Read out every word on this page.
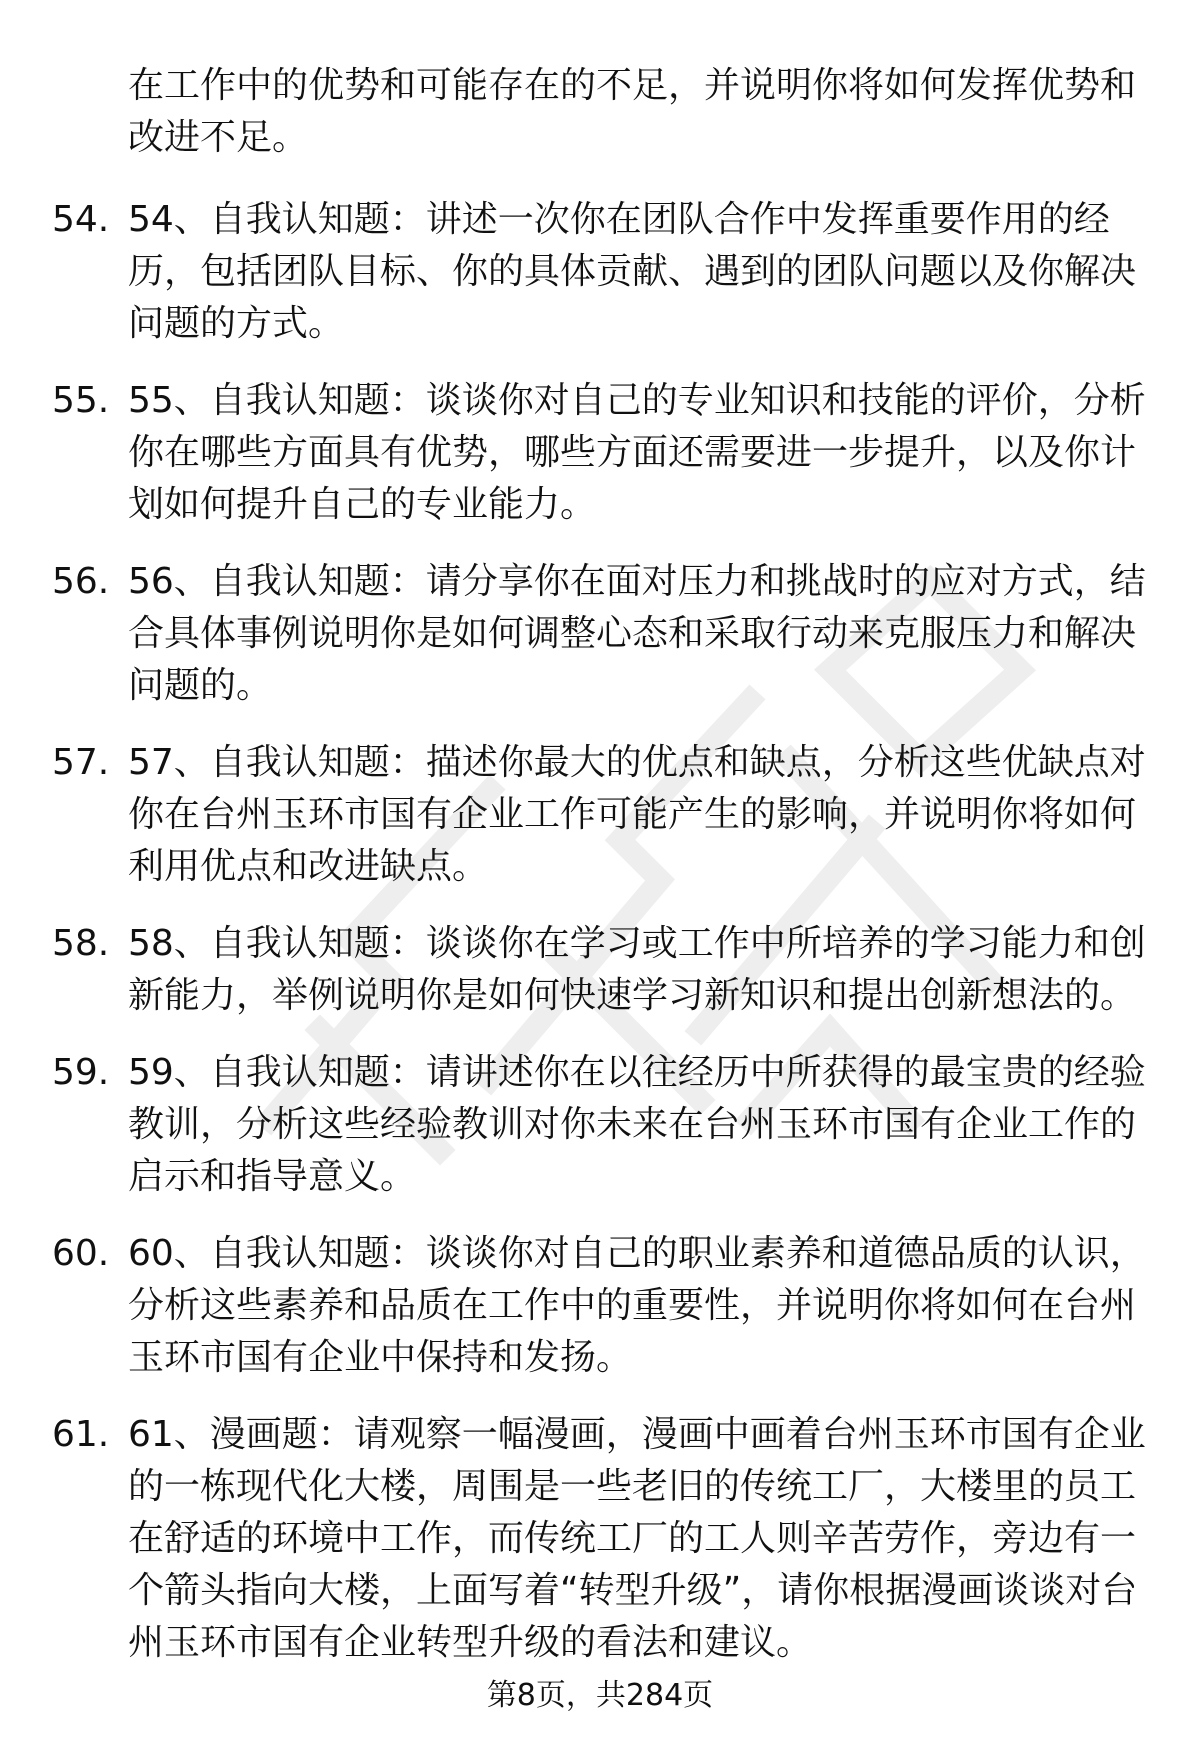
在工作中的优势和可能存在的不足，并说明你将如何发挥优势和改进不足。

54. 54、自我认知题：讲述一次你在团队合作中发挥重要作用的经历，包括团队目标、你的具体贡献、遇到的团队问题以及你解决问题的方式。
55. 55、自我认知题：谈谈你对自己的专业知识和技能的评价，分析你在哪些方面具有优势，哪些方面还需要进一步提升，以及你计划如何提升自己的专业能力。
56. 56、自我认知题：请分享你在面对压力和挑战时的应对方式，结合具体事例说明你是如何调整心态和采取行动来克服压力和解决问题的。
57. 57、自我认知题：描述你最大的优点和缺点，分析这些优缺点对你在台州玉环市国有企业工作可能产生的影响，并说明你将如何利用优点和改进缺点。
58. 58、自我认知题：谈谈你在学习或工作中所培养的学习能力和创新能力，举例说明你是如何快速学习新知识和提出创新想法的。
59. 59、自我认知题：请讲述你在以往经历中所获得的最宝贵的经验教训，分析这些经验教训对你未来在台州玉环市国有企业工作的启示和指导意义。
60. 60、自我认知题：谈谈你对自己的职业素养和道德品质的认识，分析这些素养和品质在工作中的重要性，并说明你将如何在台州玉环市国有企业中保持和发扬。
61. 61、漫画题：请观察一幅漫画，漫画中画着台州玉环市国有企业的一栋现代化大楼，周围是一些老旧的传统工厂，大楼里的员工在舒适的环境中工作，而传统工厂的工人则辛苦劳作，旁边有一个箭头指向大楼，上面写着“转型升级”，请你根据漫画谈谈对台州玉环市国有企业转型升级的看法和建议。
第8页，共284页
